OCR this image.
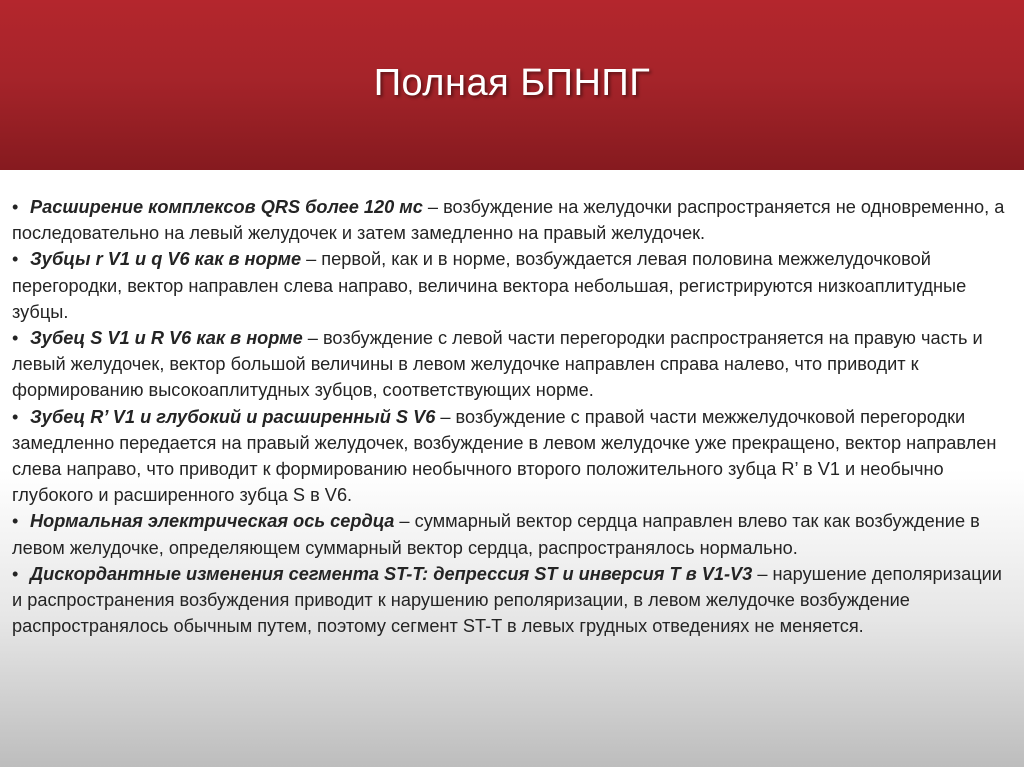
Полная БПНПГ

• Расширение комплексов QRS более 120 мс – возбуждение на желудочки распространяется не одновременно, а последовательно на левый желудочек и затем замедленно на правый желудочек.

• Зубцы r V1 и q V6 как в норме – первой, как и в норме, возбуждается левая половина межжелудочковой перегородки, вектор направлен слева направо, величина вектора небольшая, регистрируются низкоаплитудные зубцы.

• Зубец S V1 и R V6 как в норме – возбуждение с левой части перегородки распространяется на правую часть и левый желудочек, вектор большой величины в левом желудочке направлен справа налево, что приводит к формированию высокоаплитудных зубцов, соответствующих норме.

• Зубец R’ V1 и глубокий и расширенный S V6 – возбуждение с правой части межжелудочковой перегородки замедленно передается на правый желудочек, возбуждение в левом желудочке уже прекращено, вектор направлен слева направо, что приводит к формированию необычного второго положительного зубца R’ в V1 и необычно глубокого и расширенного зубца S в V6.

• Нормальная электрическая ось сердца – суммарный вектор сердца направлен влево так как возбуждение в левом желудочке, определяющем суммарный вектор сердца, распространялось нормально.

• Дискордантные изменения сегмента ST-T: депрессия ST и инверсия T в V1-V3 – нарушение деполяризации и распространения возбуждения приводит к нарушению реполяризации, в левом желудочке возбуждение распространялось обычным путем, поэтому сегмент ST-T в левых грудных отведениях не меняется.
